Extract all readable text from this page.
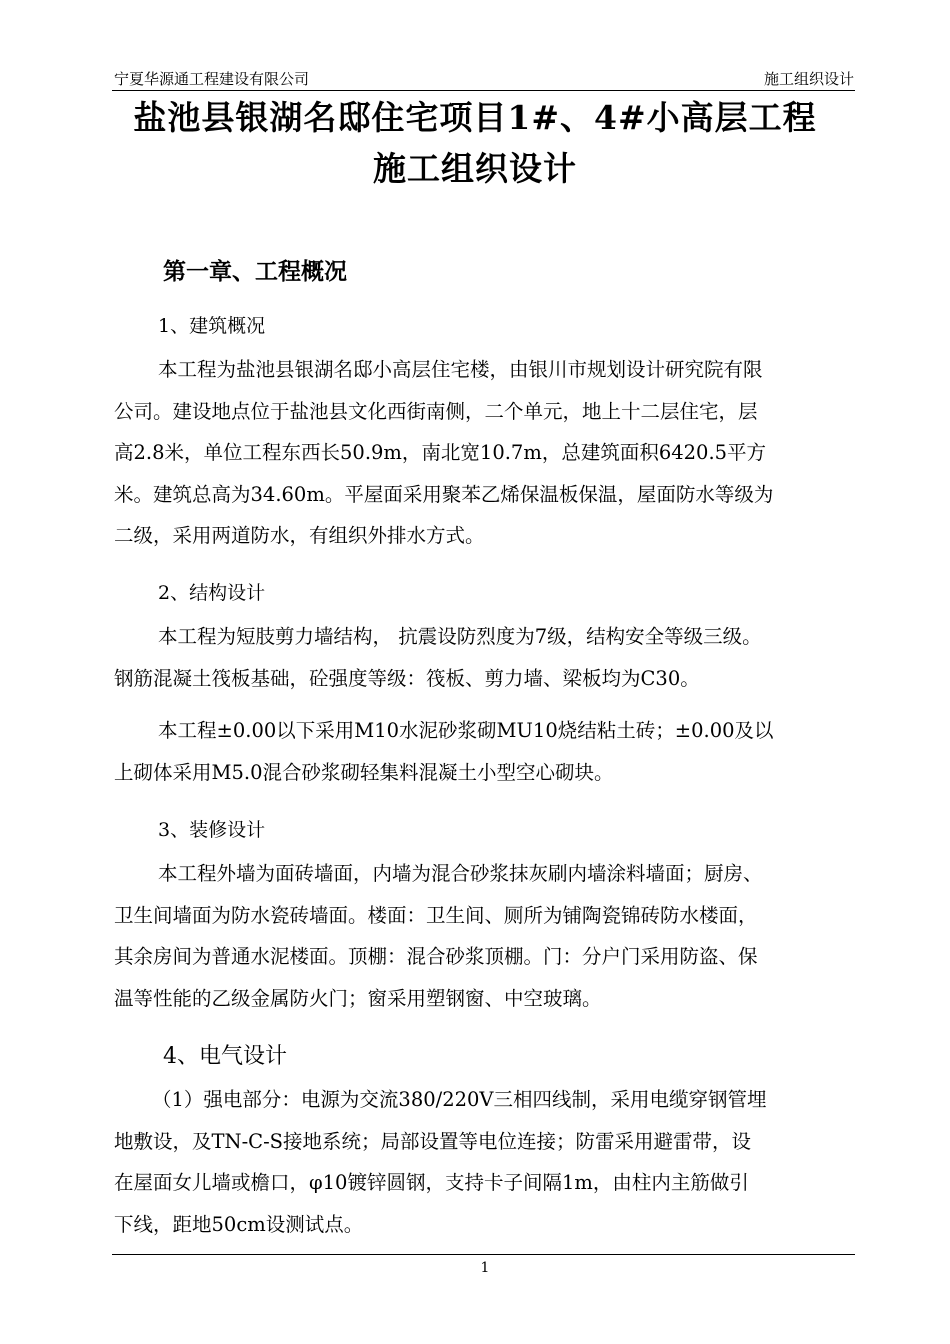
宁夏华源通工程建设有限公司	施工组织设计
盐池县银湖名邸住宅项目1#、4#小高层工程
施工组织设计
第一章、工程概况
1、建筑概况
本工程为盐池县银湖名邸小高层住宅楼，由银川市规划设计研究院有限
公司。建设地点位于盐池县文化西街南侧，二个单元，地上十二层住宅，层
高2.8米，单位工程东西长50.9m，南北宽10.7m，总建筑面积6420.5平方
米。建筑总高为34.60m。平屋面采用聚苯乙烯保温板保温，屋面防水等级为
二级，采用两道防水，有组织外排水方式。
2、结构设计
本工程为短肢剪力墙结构， 抗震设防烈度为7级，结构安全等级三级。
钢筋混凝土筏板基础，砼强度等级：筏板、剪力墙、梁板均为C30。
本工程±0.00以下采用M10水泥砂浆砌MU10烧结粘土砖；±0.00及以
上砌体采用M5.0混合砂浆砌轻集料混凝土小型空心砌块。
3、装修设计
本工程外墙为面砖墙面，内墙为混合砂浆抹灰刷内墙涂料墙面；厨房、
卫生间墙面为防水瓷砖墙面。楼面：卫生间、厕所为铺陶瓷锦砖防水楼面，
其余房间为普通水泥楼面。顶棚：混合砂浆顶棚。门：分户门采用防盗、保
温等性能的乙级金属防火门；窗采用塑钢窗、中空玻璃。
4、电气设计
（1）强电部分：电源为交流380/220V三相四线制，采用电缆穿钢管埋
地敷设，及TN-C-S接地系统；局部设置等电位连接；防雷采用避雷带，设
在屋面女儿墙或檐口，φ10镀锌圆钢，支持卡子间隔1m，由柱内主筋做引
下线，距地50cm设测试点。
1
